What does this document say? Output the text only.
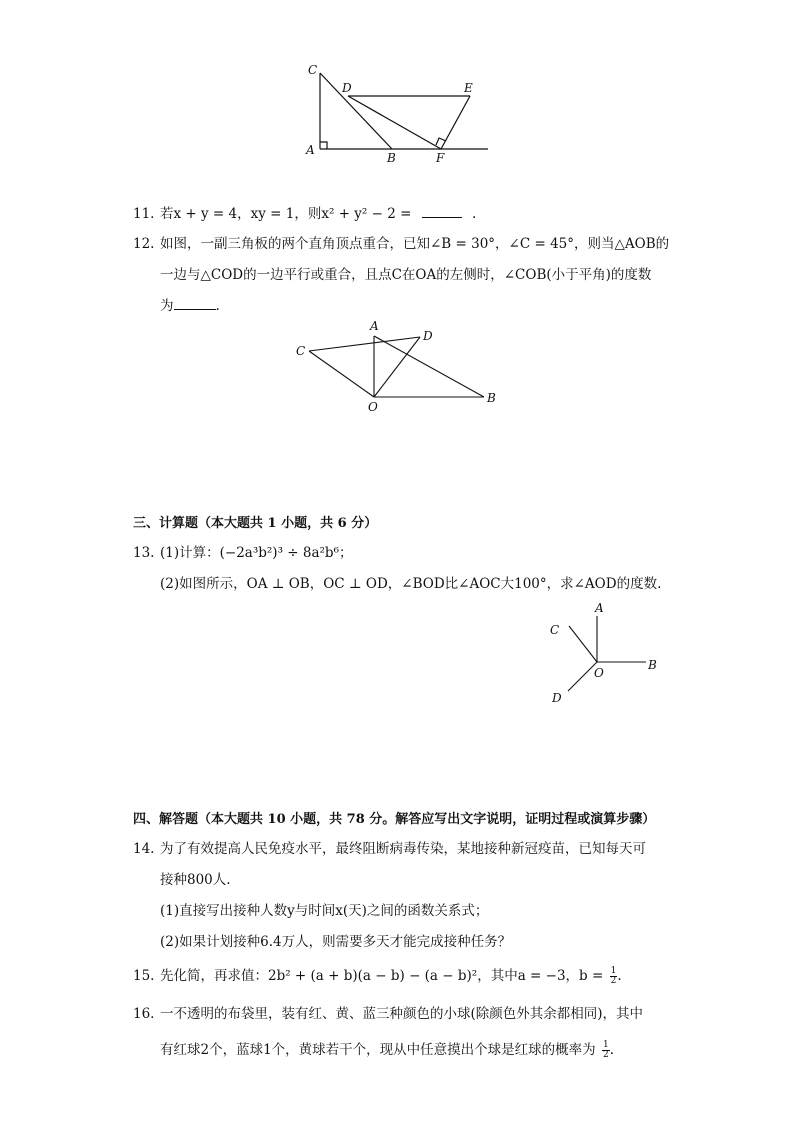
C
D	E
A
B	F
11. 若x + y = 4，xy = 1，则x² + y² − 2 =	.
12. 如图，一副三角板的两个直角顶点重合，已知∠B = 30°，∠C = 45°，则当△AOB的
一边与△COD的一边平行或重合，且点C在OA的左侧时，∠COB(小于平角)的度数
为	.
A
D
C
O
B
三、计算题（本大题共 1 小题，共 6 分）
13. (1)计算：(−2a³b²)³ ÷ 8a²b⁶；
(2)如图所示，OA ⊥ OB，OC ⊥ OD，∠BOD比∠AOC大100°，求∠AOD的度数.
A
C
B
O
D
四、解答题（本大题共 10 小题，共 78 分。解答应写出文字说明，证明过程或演算步骤）
14. 为了有效提高人民免疫水平，最终阻断病毒传染，某地接种新冠疫苗，已知每天可
接种800人.
(1)直接写出接种人数y与时间x(天)之间的函数关系式；
(2)如果计划接种6.4万人，则需要多天才能完成接种任务？
15. 先化简，再求值：2b² + (a + b)(a − b) − (a − b)²，其中a = −3，$b = \frac{1}{2}$ .
16. 一不透明的布袋里，装有红、黄、蓝三种颜色的小球(除颜色外其余都相同)，其中
有红球2个，蓝球1个，黄球若干个，现从中任意摸出个球是红球的概率为 $\frac{1}{2}$ .
